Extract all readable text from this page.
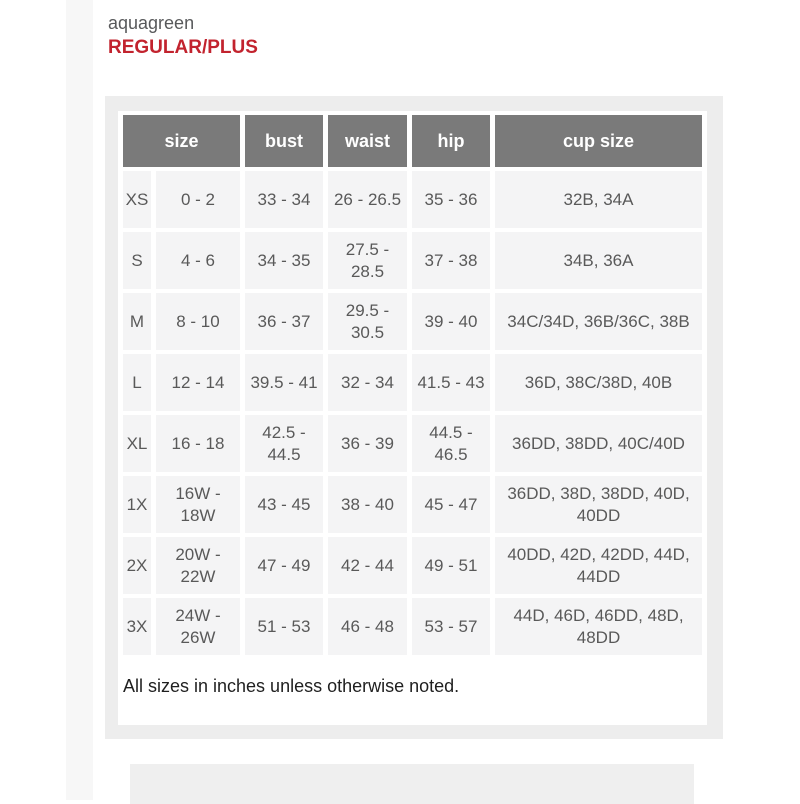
aquagreen
REGULAR/PLUS
size		bust	waist	hip	cup size
XS	0 - 2	33 - 34	26 - 26.5	35 - 36	32B, 34A
S	4 - 6	34 - 35	27.5 - 28.5	37 - 38	34B, 36A
M	8 - 10	36 - 37	29.5 - 30.5	39 - 40	34C/34D, 36B/36C, 38B
L	12 - 14	39.5 - 41	32 - 34	41.5 - 43	36D, 38C/38D, 40B
XL	16 - 18	42.5 - 44.5	36 - 39	44.5 - 46.5	36DD, 38DD, 40C/40D
1X	16W - 18W	43 - 45	38 - 40	45 - 47	36DD, 38D, 38DD, 40D, 40DD
2X	20W - 22W	47 - 49	42 - 44	49 - 51	40DD, 42D, 42DD, 44D, 44DD
3X	24W - 26W	51 - 53	46 - 48	53 - 57	44D, 46D, 46DD, 48D, 48DD
All sizes in inches unless otherwise noted.
